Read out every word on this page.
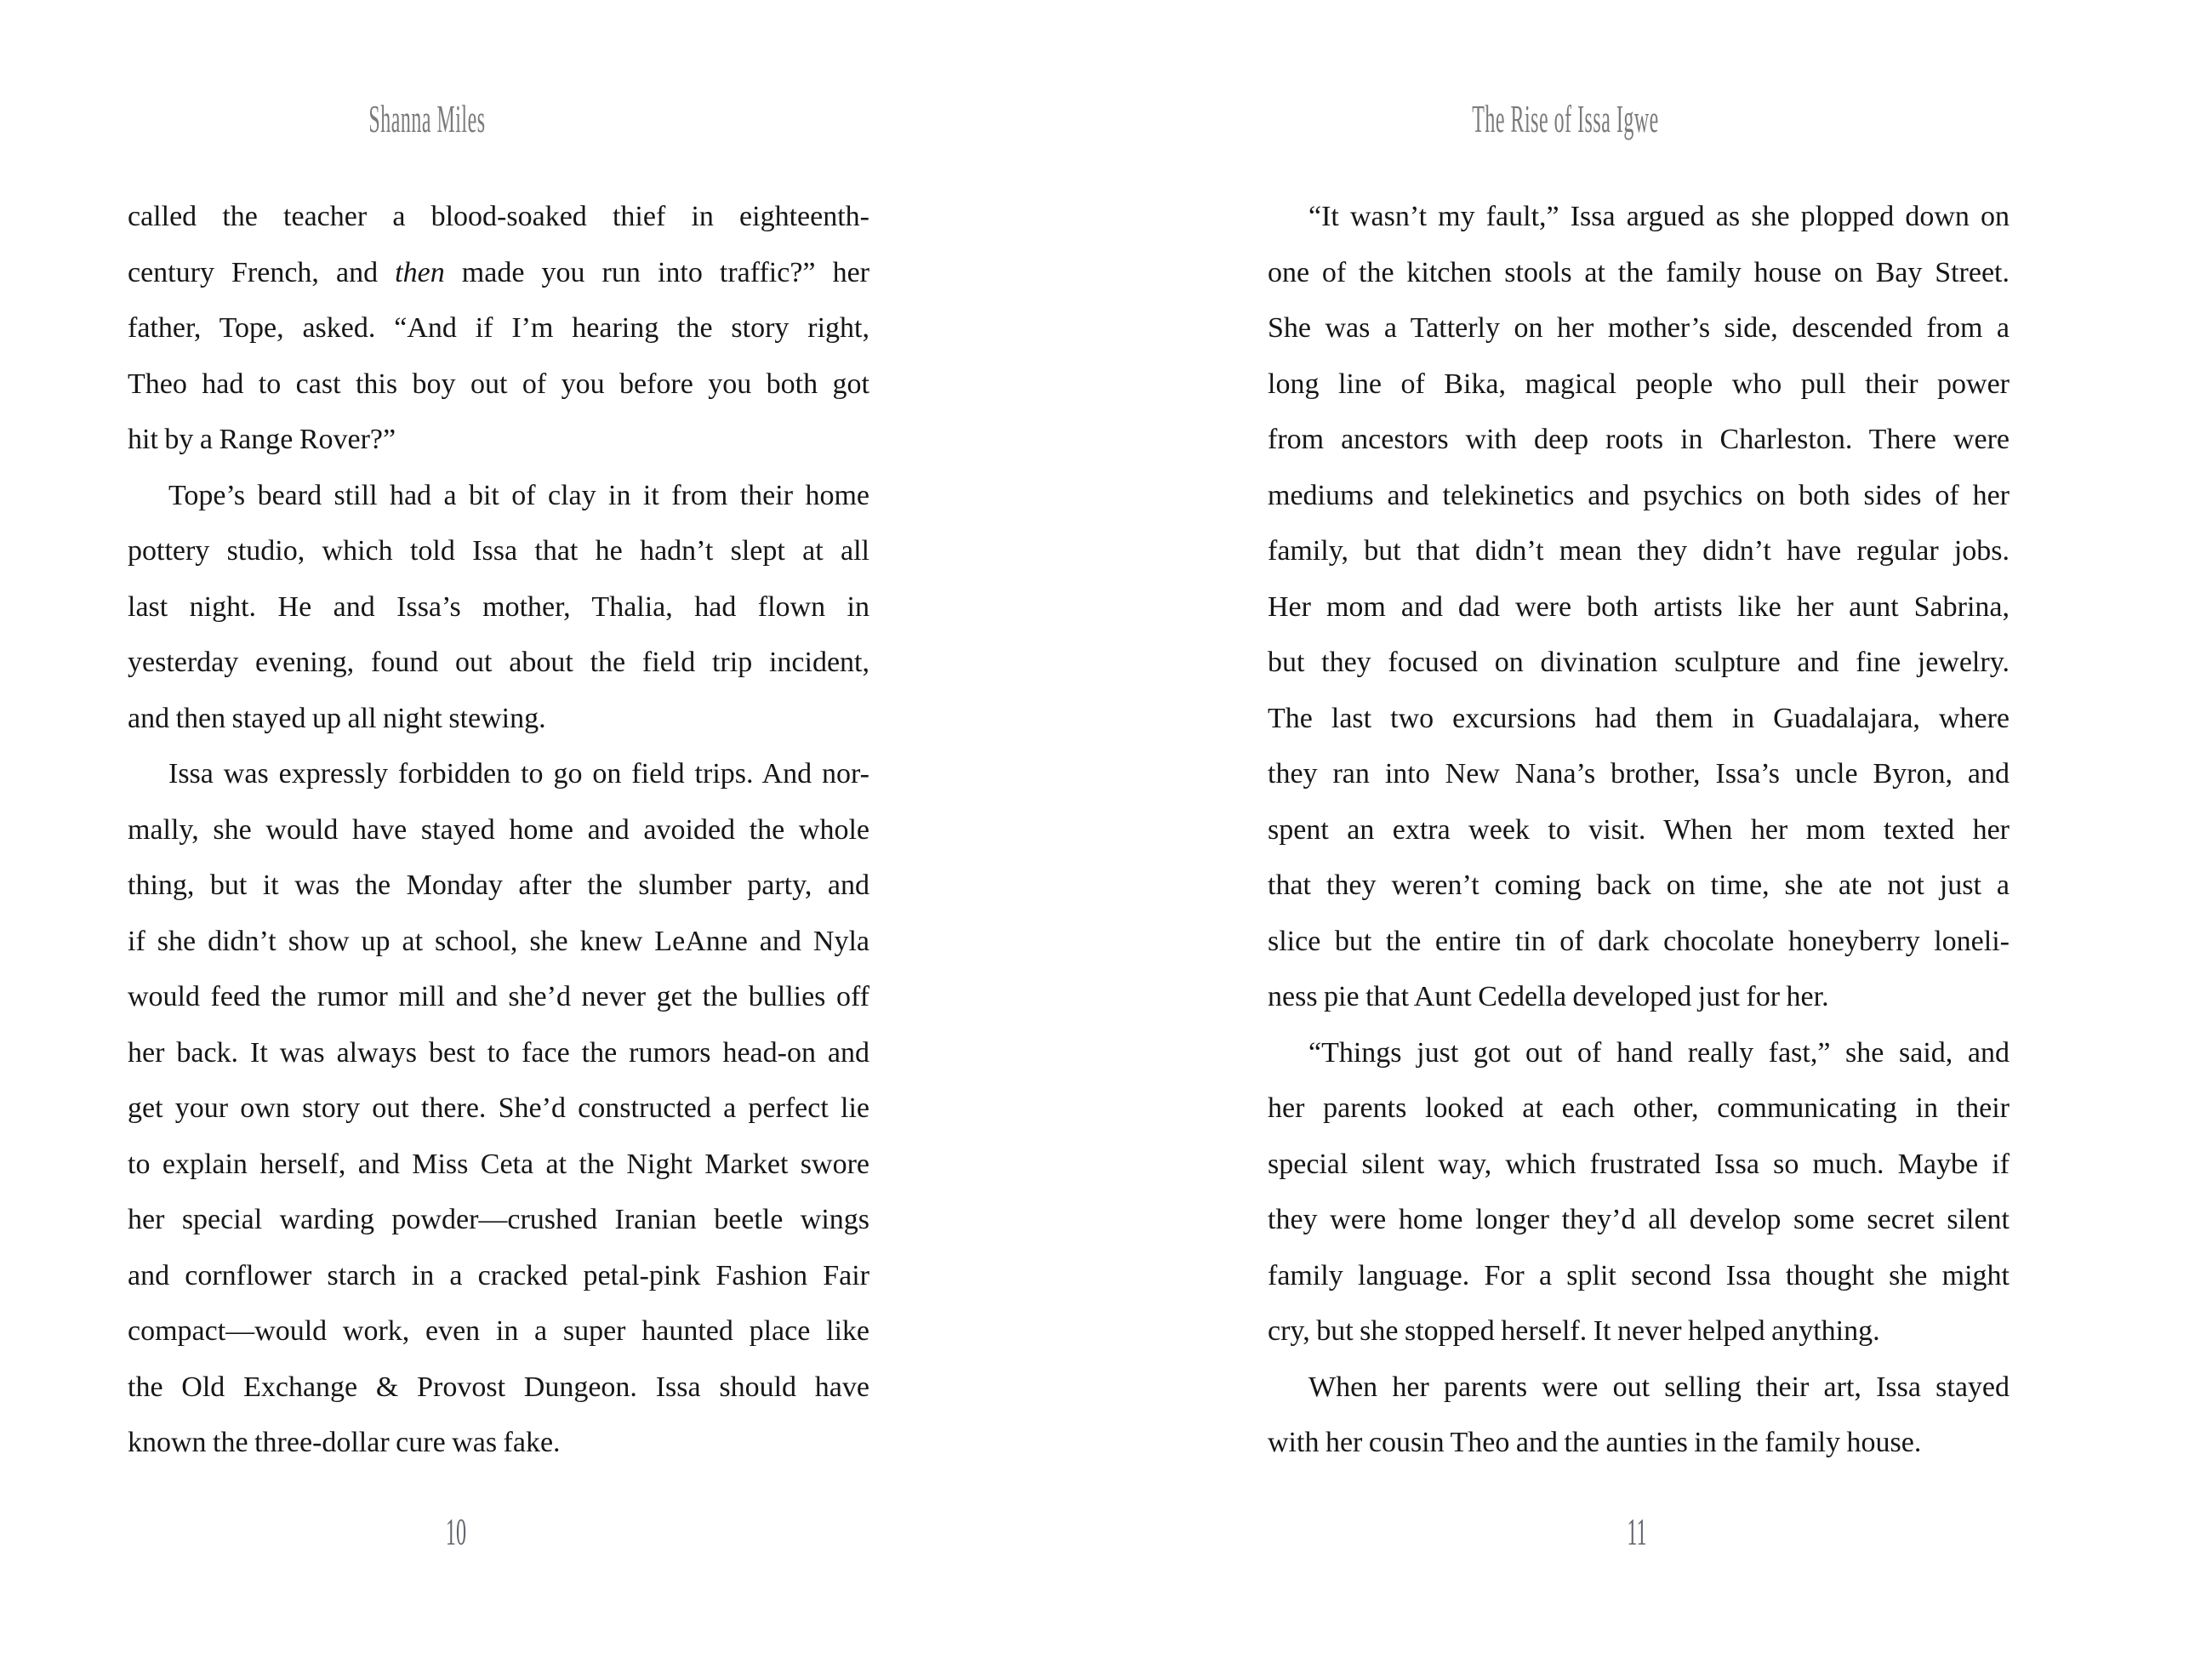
Shanna Miles	The Rise of Issa Igwe
called the teacher a blood-soaked thief in eighteenth-
century French, and then made you run into traffic?” her
father, Tope, asked. “And if I’m hearing the story right,
Theo had to cast this boy out of you before you both got
hit by a Range Rover?”
Tope’s beard still had a bit of clay in it from their home
pottery studio, which told Issa that he hadn’t slept at all
last night. He and Issa’s mother, Thalia, had flown in
yesterday evening, found out about the field trip incident,
and then stayed up all night stewing.
Issa was expressly forbidden to go on field trips. And nor-
mally, she would have stayed home and avoided the whole
thing, but it was the Monday after the slumber party, and
if she didn’t show up at school, she knew LeAnne and Nyla
would feed the rumor mill and she’d never get the bullies off
her back. It was always best to face the rumors head-on and
get your own story out there. She’d constructed a perfect lie
to explain herself, and Miss Ceta at the Night Market swore
her special warding powder—crushed Iranian beetle wings
and cornflower starch in a cracked petal-pink Fashion Fair
compact—would work, even in a super haunted place like
the Old Exchange & Provost Dungeon. Issa should have
known the three-dollar cure was fake.
“It wasn’t my fault,” Issa argued as she plopped down on
one of the kitchen stools at the family house on Bay Street.
She was a Tatterly on her mother’s side, descended from a
long line of Bika, magical people who pull their power
from ancestors with deep roots in Charleston. There were
mediums and telekinetics and psychics on both sides of her
family, but that didn’t mean they didn’t have regular jobs.
Her mom and dad were both artists like her aunt Sabrina,
but they focused on divination sculpture and fine jewelry.
The last two excursions had them in Guadalajara, where
they ran into New Nana’s brother, Issa’s uncle Byron, and
spent an extra week to visit. When her mom texted her
that they weren’t coming back on time, she ate not just a
slice but the entire tin of dark chocolate honeyberry loneli-
ness pie that Aunt Cedella developed just for her.
“Things just got out of hand really fast,” she said, and
her parents looked at each other, communicating in their
special silent way, which frustrated Issa so much. Maybe if
they were home longer they’d all develop some secret silent
family language. For a split second Issa thought she might
cry, but she stopped herself. It never helped anything.
When her parents were out selling their art, Issa stayed
with her cousin Theo and the aunties in the family house.
10	11
